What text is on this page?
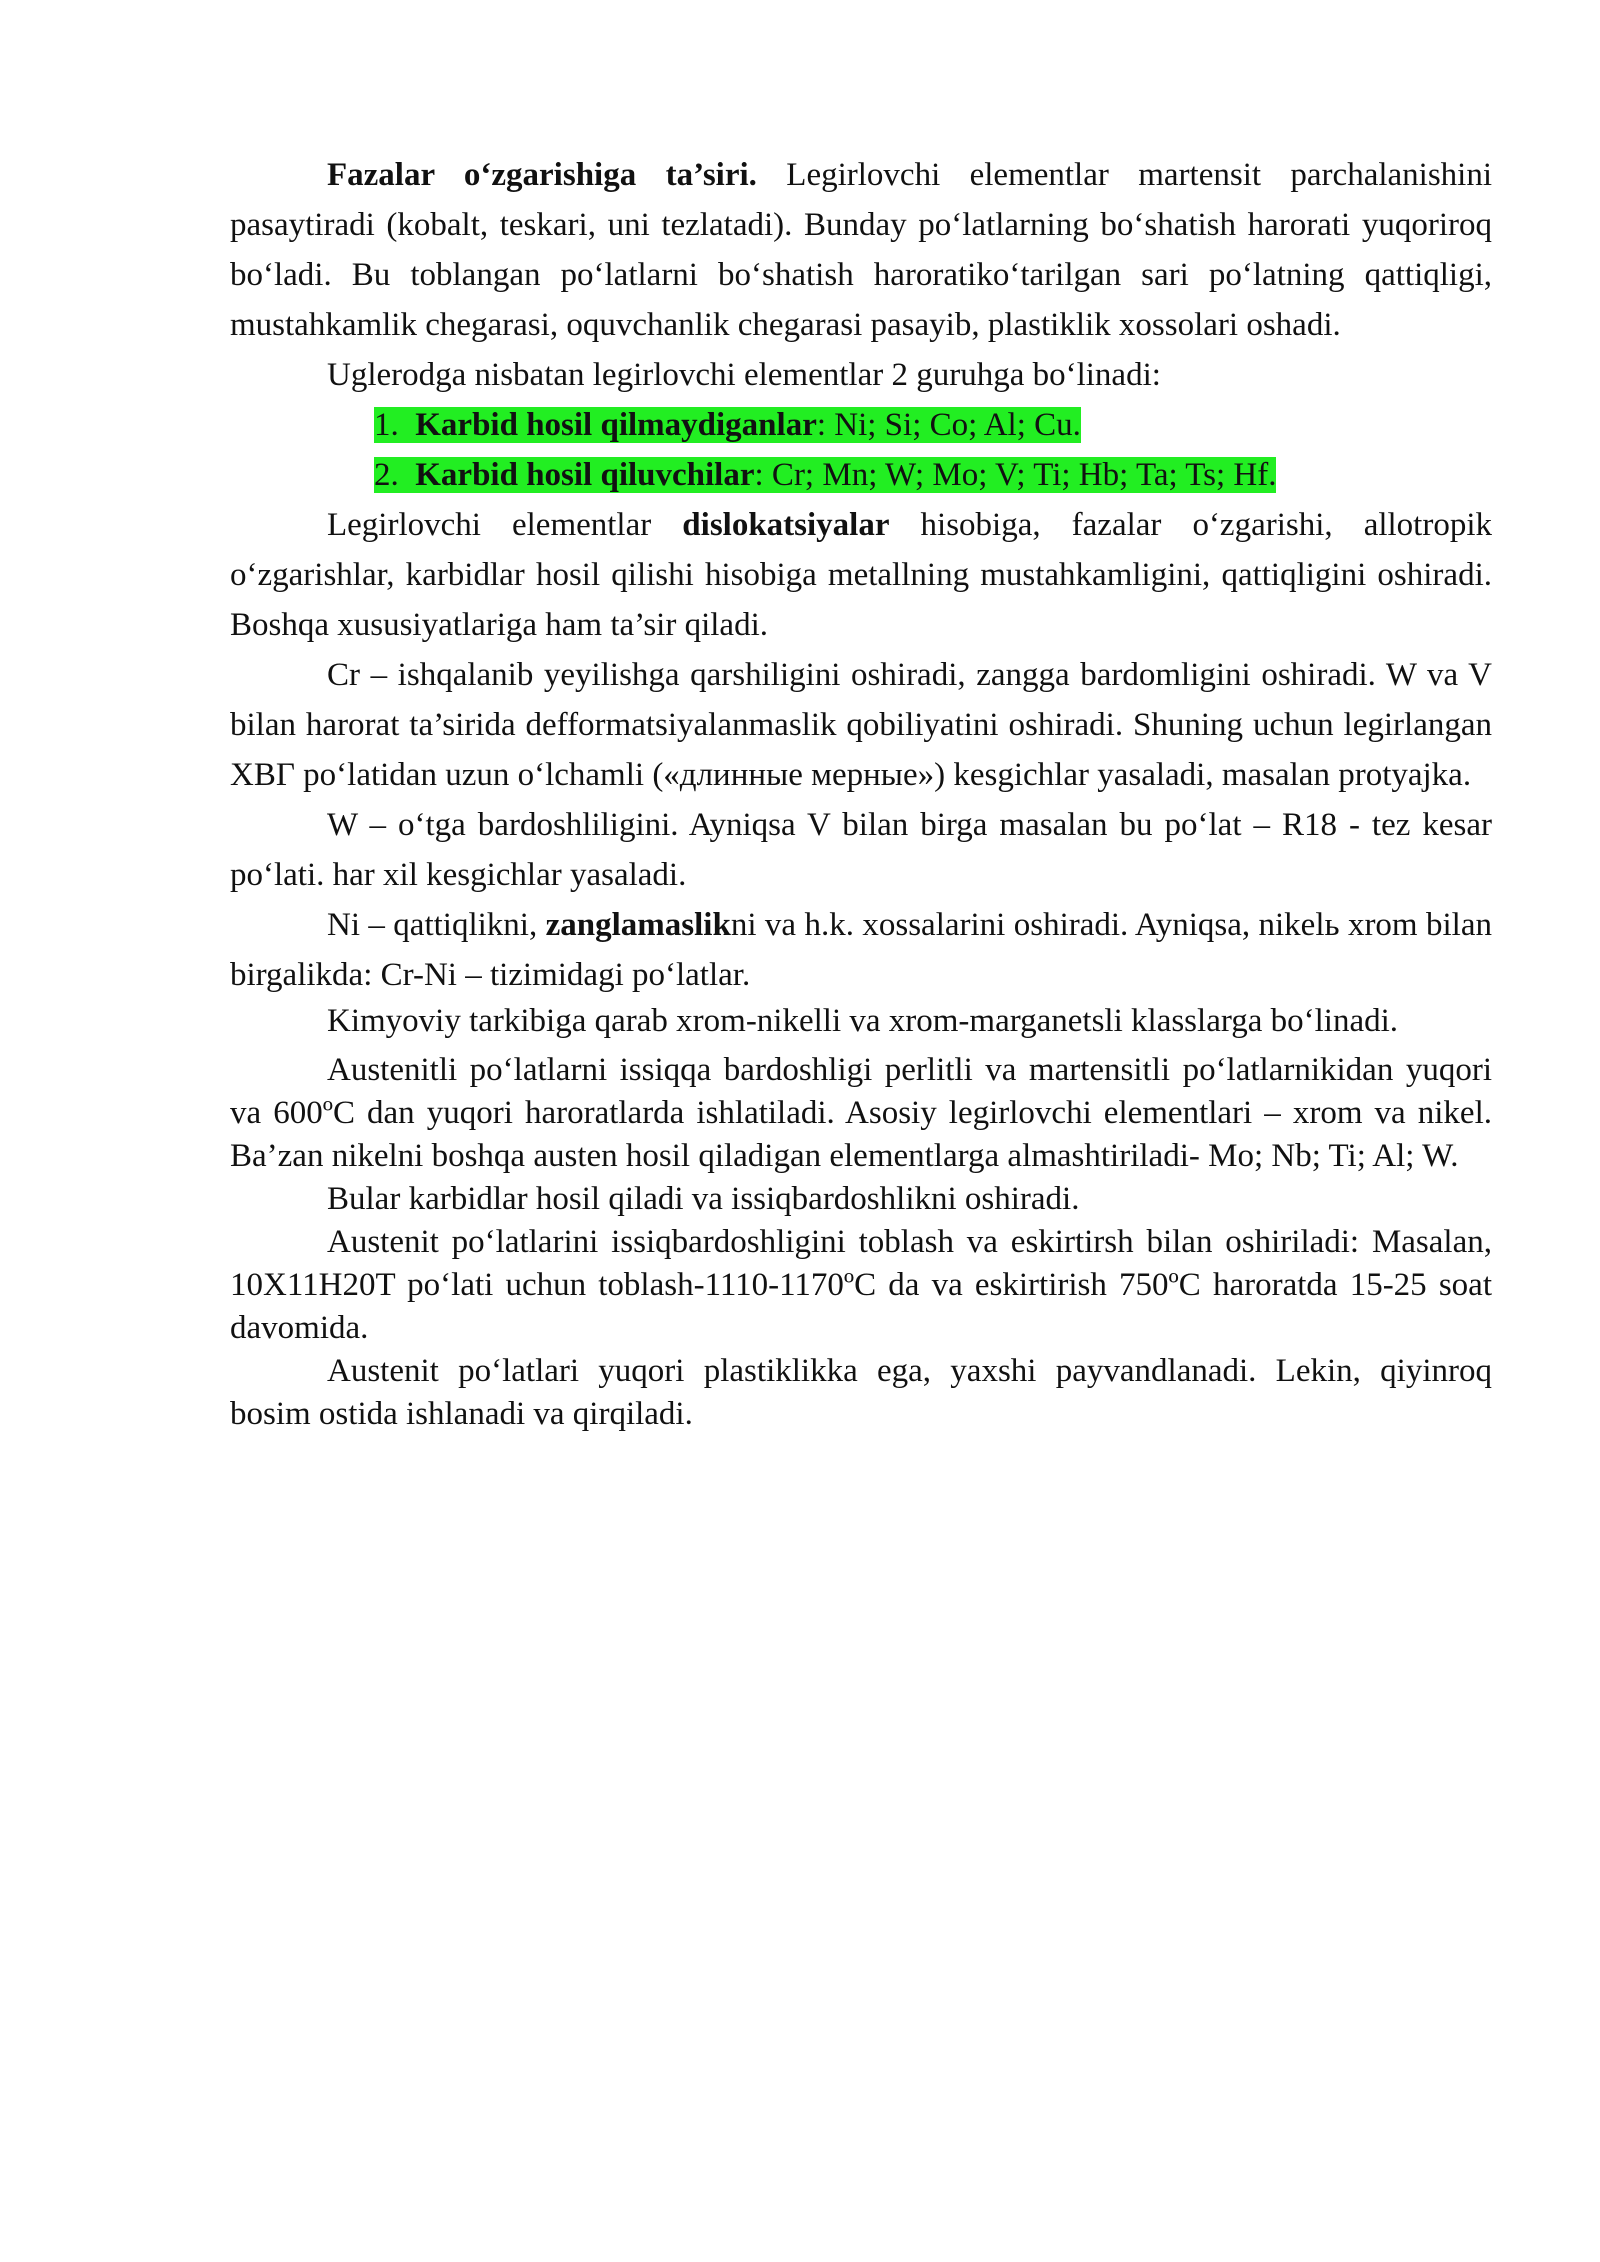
Fazalar o‘zgarishiga ta’siri. Legirlovchi elementlar martensit parchalanishini pasaytiradi (kobalt, teskari, uni tezlatadi). Bunday po‘latlarning bo‘shatish harorati yuqoriroq bo‘ladi. Bu toblangan po‘latlarni bo‘shatish haroratiko‘tarilgan sari po‘latning qattiqligi, mustahkamlik chegarasi, oquvchanlik chegarasi pasayib, plastiklik xossolari oshadi.

Uglerodga nisbatan legirlovchi elementlar 2 guruhga bo‘linadi:

1. Karbid hosil qilmaydiganlar: Ni; Si; Co; Al; Cu.
2. Karbid hosil qiluvchilar: Cr; Mn; W; Mo; V; Ti; Hb; Ta; Ts; Hf.

Legirlovchi elementlar dislokatsiyalar hisobiga, fazalar o‘zgarishi, allotropik o‘zgarishlar, karbidlar hosil qilishi hisobiga metallning mustahkamligini, qattiqligini oshiradi. Boshqa xususiyatlariga ham ta’sir qiladi.

Cr – ishqalanib yeyilishga qarshiligini oshiradi, zangga bardomligini oshiradi. W va V bilan harorat ta’sirida defformatsiyalanmaslik qobiliyatini oshiradi. Shuning uchun legirlangan ХВГ po‘latidan uzun o‘lchamli («длинные мерные») kesgichlar yasaladi, masalan protyajka.

W – o‘tga bardoshliligini. Ayniqsa V bilan birga masalan bu po‘lat – R18 - tez kesar po‘lati. har xil kesgichlar yasaladi.

Ni – qattiqlikni, zanglamaslikni va h.k. xossalarini oshiradi. Ayniqsa, nikelь xrom bilan birgalikda: Cr-Ni – tizimidagi po‘latlar.

Kimyoviy tarkibiga qarab xrom-nikelli va xrom-marganetsli klasslarga bo‘linadi.

Austenitli po‘latlarni issiqqa bardoshligi perlitli va martensitli po‘latlarnikidan yuqori va 600ºC dan yuqori haroratlarda ishlatiladi. Asosiy legirlovchi elementlari – xrom va nikel. Ba’zan nikelni boshqa austen hosil qiladigan elementlarga almashtiriladi- Mo; Nb; Ti; Al; W.

Bular karbidlar hosil qiladi va issiqbardoshlikni oshiradi.

Austenit po‘latlarini issiqbardoshligini toblash va eskirtirsh bilan oshiriladi: Masalan, 10X11H20T po‘lati uchun toblash-1110-1170ºC da va eskirtirish 750ºC haroratda 15-25 soat davomida.

Austenit po‘latlari yuqori plastiklikka ega, yaxshi payvandlanadi. Lekin, qiyinroq bosim ostida ishlanadi va qirqiladi.
